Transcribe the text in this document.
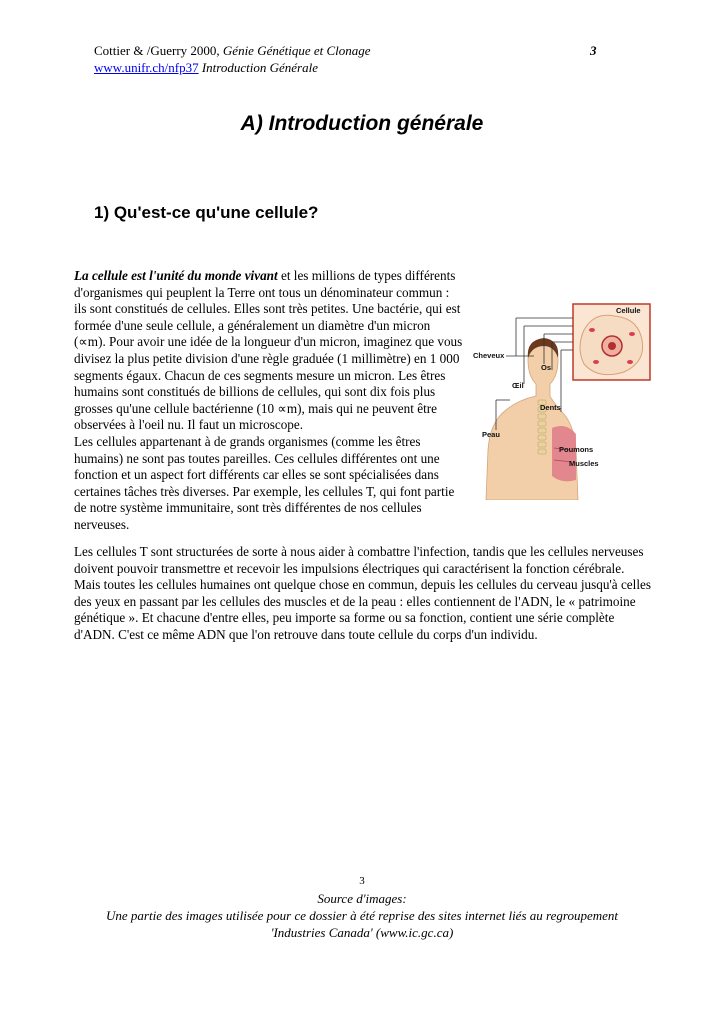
Cottier & /Guerry 2000, Génie Génétique et Clonage	3
www.unifr.ch/nfp37 Introduction Générale
A) Introduction générale
1) Qu'est-ce qu'une cellule?
La cellule est l'unité du monde vivant et les millions de types différents d'organismes qui peuplent la Terre ont tous un dénominateur commun : ils sont constitués de cellules. Elles sont très petites. Une bactérie, qui est formée d'une seule cellule, a généralement un diamètre d'un micron (∝m). Pour avoir une idée de la longueur d'un micron, imaginez que vous divisez la plus petite division d'une règle graduée (1 millimètre) en 1 000 segments égaux. Chacun de ces segments mesure un micron. Les êtres humains sont constitués de billions de cellules, qui sont dix fois plus grosses qu'une cellule bactérienne (10 ∝m), mais qui ne peuvent être observées à l'oeil nu. Il faut un microscope.
Les cellules appartenant à de grands organismes (comme les êtres humains) ne sont pas toutes pareilles. Ces cellules différentes ont une fonction et un aspect fort différents car elles se sont spécialisées dans certaines tâches très diverses. Par exemple, les cellules T, qui font partie de notre système immunitaire, sont très différentes de nos cellules nerveuses.
Les cellules T sont structurées de sorte à nous aider à combattre l'infection, tandis que les cellules nerveuses doivent pouvoir transmettre et recevoir les impulsions électriques qui caractérisent la fonction cérébrale. Mais toutes les cellules humaines ont quelque chose en commun, depuis les cellules du cerveau jusqu'à celles des yeux en passant par les cellules des muscles et de la peau : elles contiennent de l'ADN, le « patrimoine génétique ». Et chacune d'entre elles, peu importe sa forme ou sa fonction, contient une série complète d'ADN. C'est ce même ADN que l'on retrouve dans toute cellule du corps d'un individu.
Cellule
Cheveux
Os
Œil
Dents
Peau
Poumons
Muscles
3
Source d'images:
Une partie des images utilisée pour ce dossier à été reprise des sites internet liés au regroupement 'Industries Canada' (www.ic.gc.ca)
